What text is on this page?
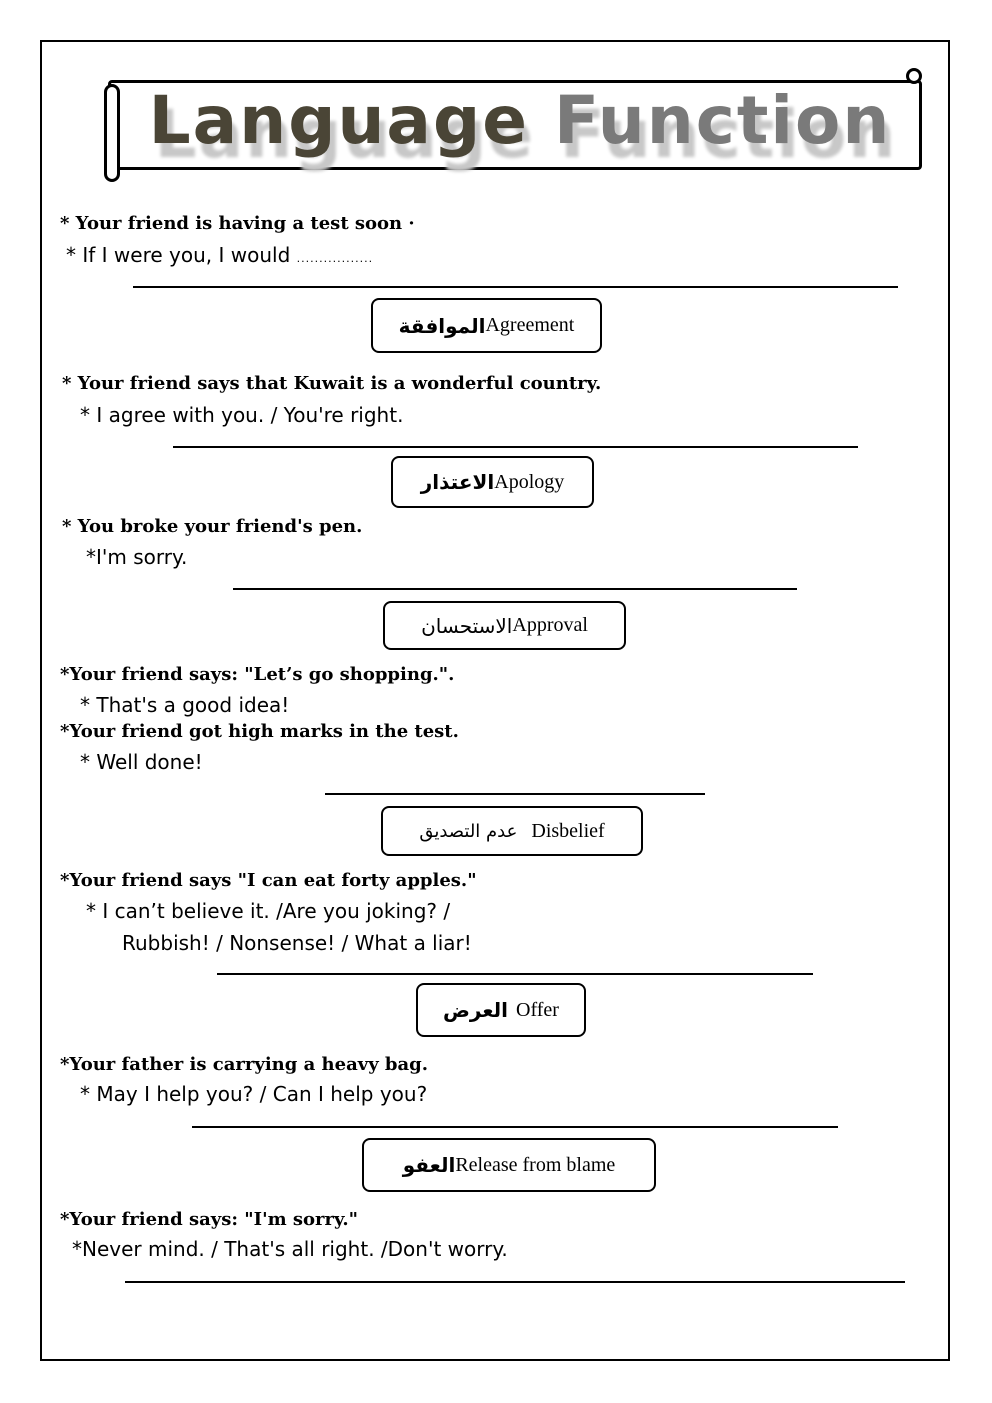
Language Function
* Your friend is having a test soon ·
* If I were you, I would .................
الموافقة Agreement
* Your friend says that Kuwait is a wonderful country.
* I agree with you. / You're right.
الاعتذار Apology
* You broke your friend's pen.
*I'm sorry.
الاستحسان Approval
*Your friend says: "Let’s go shopping.".
* That's a good idea!
*Your friend got high marks in the test.
* Well done!
عدم التصديق Disbelief
*Your friend says "I can eat forty apples."
* I can’t believe it. /Are you joking? /
Rubbish! / Nonsense! / What a liar!
العرض Offer
*Your father is carrying a heavy bag.
* May I help you? / Can I help you?
العفو Release from blame
*Your friend says: "I'm sorry."
*Never mind. / That's all right. /Don't worry.
